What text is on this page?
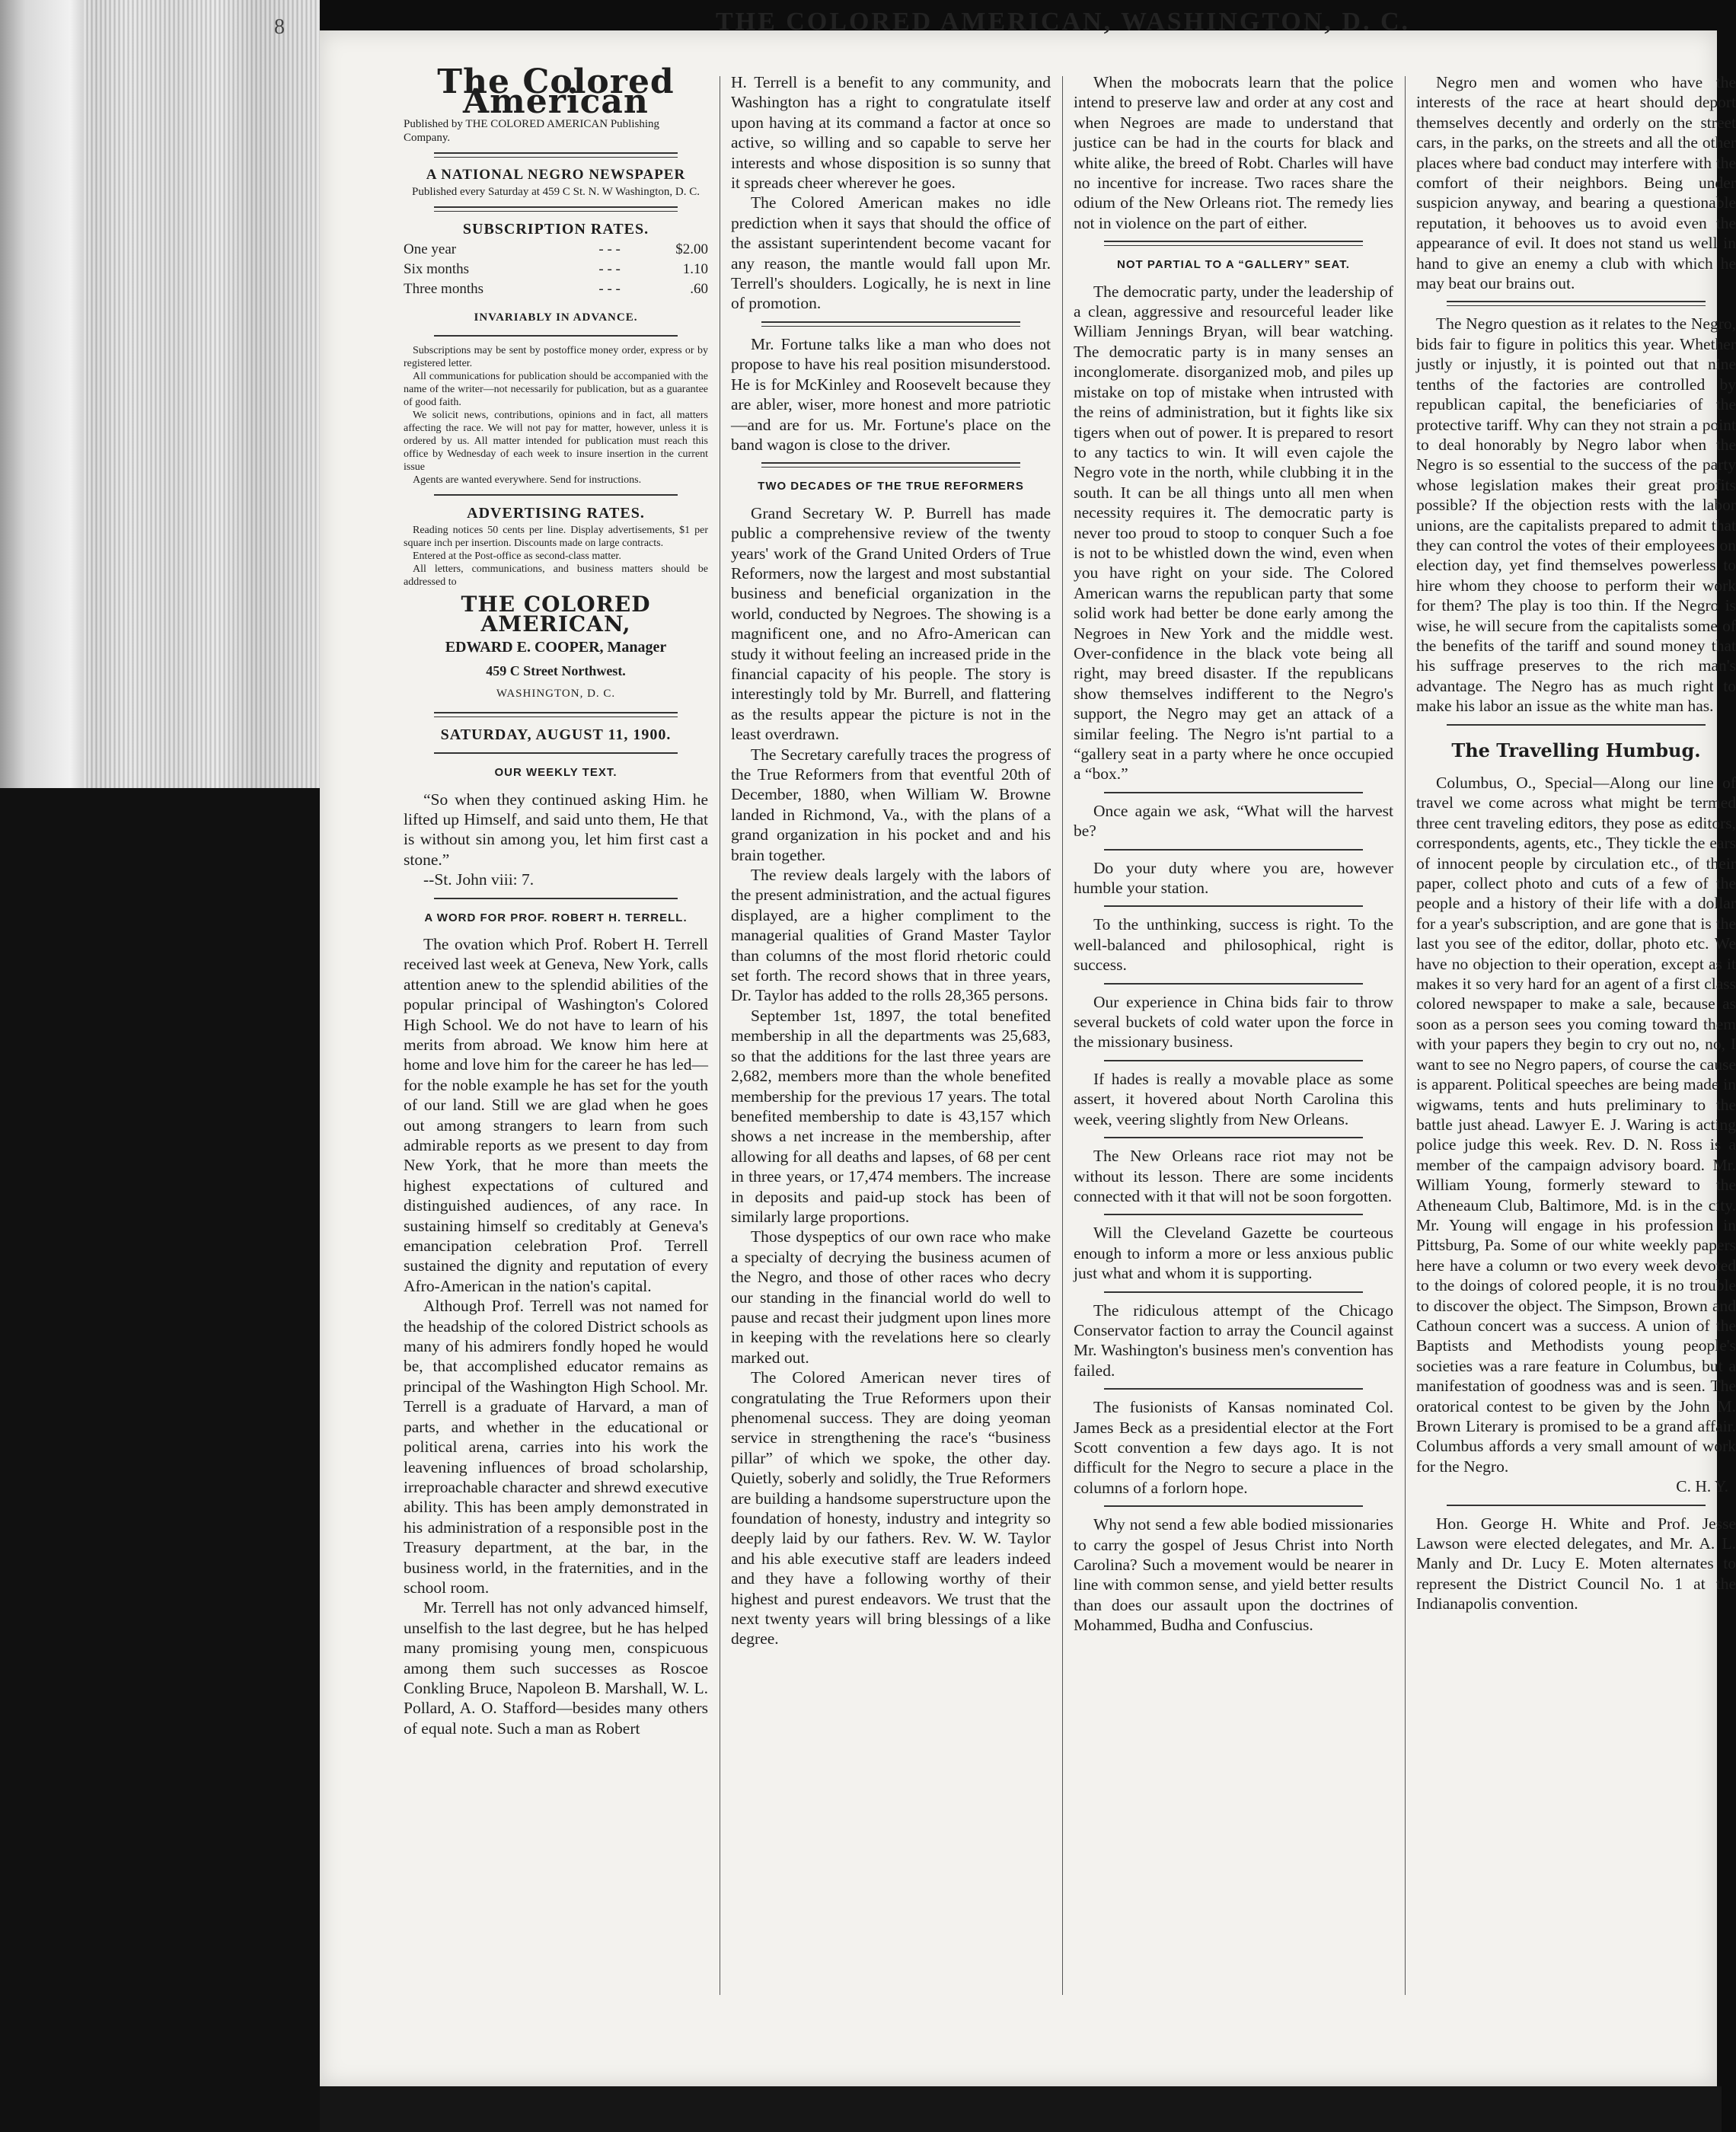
8	THE COLORED AMERICAN, WASHINGTON, D. C.
The Colored American
Published by THE COLORED AMERICAN Publishing Company.
A NATIONAL NEGRO NEWSPAPER
Published every Saturday at 459 C St. N. W Washington, D. C.
SUBSCRIPTION RATES.
One year	- - -	$2.00
Six months	- - -	1.10
Three months	- - -	.60
INVARIABLY IN ADVANCE.

Subscriptions may be sent by postoffice money order, express or by registered letter.

All communications for publication should be accompanied with the name of the writer—not necessarily for publication, but as a guarantee of good faith.

We solicit news, contributions, opinions and in fact, all matters affecting the race. We will not pay for matter, however, unless it is ordered by us. All matter intended for publication must reach this office by Wednesday of each week to insure insertion in the current issue

Agents are wanted everywhere. Send for instructions.

ADVERTISING RATES.

Reading notices 50 cents per line. Display advertisements, $1 per square inch per insertion. Discounts made on large contracts.

Entered at the Post-office as second-class matter.

All letters, communications, and business matters should be addressed to

THE COLORED AMERICAN,
EDWARD E. COOPER, Manager
459 C Street Northwest.
WASHINGTON, D. C.
SATURDAY, AUGUST 11, 1900.
OUR WEEKLY TEXT.

“So when they continued asking Him. he lifted up Himself, and said unto them, He that is without sin among you, let him first cast a stone.”

--St. John viii: 7.

A WORD FOR PROF. ROBERT H. TERRELL.

The ovation which Prof. Robert H. Terrell received last week at Geneva, New York, calls attention anew to the splendid abilities of the popular principal of Washington's Colored High School. We do not have to learn of his merits from abroad. We know him here at home and love him for the career he has led—for the noble example he has set for the youth of our land. Still we are glad when he goes out among strangers to learn from such admirable reports as we present to day from New York, that he more than meets the highest expectations of cultured and distinguished audiences, of any race. In sustaining himself so creditably at Geneva's emancipation celebration Prof. Terrell sustained the dignity and reputation of every Afro-American in the nation's capital.

Although Prof. Terrell was not named for the headship of the colored District schools as many of his admirers fondly hoped he would be, that accomplished educator remains as principal of the Washington High School. Mr. Terrell is a graduate of Harvard, a man of parts, and whether in the educational or political arena, carries into his work the leavening influences of broad scholarship, irreproachable character and shrewd executive ability. This has been amply demonstrated in his administration of a responsible post in the Treasury department, at the bar, in the business world, in the fraternities, and in the school room.

Mr. Terrell has not only advanced himself, unselfish to the last degree, but he has helped many promising young men, conspicuous among them such successes as Roscoe Conkling Bruce, Napoleon B. Marshall, W. L. Pollard, A. O. Stafford—besides many others of equal note. Such a man as Robert

H. Terrell is a benefit to any community, and Washington has a right to congratulate itself upon having at its command a factor at once so active, so willing and so capable to serve her interests and whose disposition is so sunny that it spreads cheer wherever he goes.

The Colored American makes no idle prediction when it says that should the office of the assistant superintendent become vacant for any reason, the mantle would fall upon Mr. Terrell's shoulders. Logically, he is next in line of promotion.

Mr. Fortune talks like a man who does not propose to have his real position misunderstood. He is for McKinley and Roosevelt because they are abler, wiser, more honest and more patriotic—and are for us. Mr. Fortune's place on the band wagon is close to the driver.

TWO DECADES OF THE TRUE REFORMERS

Grand Secretary W. P. Burrell has made public a comprehensive review of the twenty years' work of the Grand United Orders of True Reformers, now the largest and most substantial business and beneficial organization in the world, conducted by Negroes. The showing is a magnificent one, and no Afro-American can study it without feeling an increased pride in the financial capacity of his people. The story is interestingly told by Mr. Burrell, and flattering as the results appear the picture is not in the least overdrawn.

The Secretary carefully traces the progress of the True Reformers from that eventful 20th of December, 1880, when William W. Browne landed in Richmond, Va., with the plans of a grand organization in his pocket and and his brain together.

The review deals largely with the labors of the present administration, and the actual figures displayed, are a higher compliment to the managerial qualities of Grand Master Taylor than columns of the most florid rhetoric could set forth. The record shows that in three years, Dr. Taylor has added to the rolls 28,365 persons.

September 1st, 1897, the total benefited membership in all the departments was 25,683, so that the additions for the last three years are 2,682, members more than the whole benefited membership for the previous 17 years. The total benefited membership to date is 43,157 which shows a net increase in the membership, after allowing for all deaths and lapses, of 68 per cent in three years, or 17,474 members. The increase in deposits and paid-up stock has been of similarly large proportions.

Those dyspeptics of our own race who make a specialty of decrying the business acumen of the Negro, and those of other races who decry our standing in the financial world do well to pause and recast their judgment upon lines more in keeping with the revelations here so clearly marked out.

The Colored American never tires of congratulating the True Reformers upon their phenomenal success. They are doing yeoman service in strengthening the race's “business pillar” of which we spoke, the other day. Quietly, soberly and solidly, the True Reformers are building a handsome superstructure upon the foundation of honesty, industry and integrity so deeply laid by our fathers. Rev. W. W. Taylor and his able executive staff are leaders indeed and they have a following worthy of their highest and purest endeavors. We trust that the next twenty years will bring blessings of a like degree.

When the mobocrats learn that the police intend to preserve law and order at any cost and when Negroes are made to understand that justice can be had in the courts for black and white alike, the breed of Robt. Charles will have no incentive for increase. Two races share the odium of the New Orleans riot. The remedy lies not in violence on the part of either.

NOT PARTIAL TO A “GALLERY” SEAT.

The democratic party, under the leadership of a clean, aggressive and resourceful leader like William Jennings Bryan, will bear watching. The democratic party is in many senses an inconglomerate. disorganized mob, and piles up mistake on top of mistake when intrusted with the reins of administration, but it fights like six tigers when out of power. It is prepared to resort to any tactics to win. It will even cajole the Negro vote in the north, while clubbing it in the south. It can be all things unto all men when necessity requires it. The democratic party is never too proud to stoop to conquer Such a foe is not to be whistled down the wind, even when you have right on your side. The Colored American warns the republican party that some solid work had better be done early among the Negroes in New York and the middle west. Over-confidence in the black vote being all right, may breed disaster. If the republicans show themselves indifferent to the Negro's support, the Negro may get an attack of a similar feeling. The Negro is'nt partial to a “gallery seat in a party where he once occupied a “box.”

Once again we ask, “What will the harvest be?

Do your duty where you are, however humble your station.

To the unthinking, success is right. To the well-balanced and philosophical, right is success.

Our experience in China bids fair to throw several buckets of cold water upon the force in the missionary business.

If hades is really a movable place as some assert, it hovered about North Carolina this week, veering slightly from New Orleans.

The New Orleans race riot may not be without its lesson. There are some incidents connected with it that will not be soon forgotten.

Will the Cleveland Gazette be courteous enough to inform a more or less anxious public just what and whom it is supporting.

The ridiculous attempt of the Chicago Conservator faction to array the Council against Mr. Washington's business men's convention has failed.

The fusionists of Kansas nominated Col. James Beck as a presidential elector at the Fort Scott convention a few days ago. It is not difficult for the Negro to secure a place in the columns of a forlorn hope.

Why not send a few able bodied missionaries to carry the gospel of Jesus Christ into North Carolina? Such a movement would be nearer in line with common sense, and yield better results than does our assault upon the doctrines of Mohammed, Budha and Confuscius.

Negro men and women who have the interests of the race at heart should deport themselves decently and orderly on the street cars, in the parks, on the streets and all the other places where bad conduct may interfere with the comfort of their neighbors. Being under suspicion anyway, and bearing a questionable reputation, it behooves us to avoid even the appearance of evil. It does not stand us well in hand to give an enemy a club with which he may beat our brains out.

The Negro question as it relates to the Negro, bids fair to figure in politics this year. Whether justly or injustly, it is pointed out that nine tenths of the factories are controlled by republican capital, the beneficiaries of the protective tariff. Why can they not strain a point to deal honorably by Negro labor when the Negro is so essential to the success of the party whose legislation makes their great profits possible? If the objection rests with the labor unions, are the capitalists prepared to admit that they can control the votes of their employees on election day, yet find themselves powerless to hire whom they choose to perform their work for them? The play is too thin. If the Negro is wise, he will secure from the capitalists some of the benefits of the tariff and sound money that his suffrage preserves to the rich man's advantage. The Negro has as much right to make his labor an issue as the white man has.

The Travelling Humbug.

Columbus, O., Special—Along our line of travel we come across what might be termed three cent traveling editors, they pose as editors, correspondents, agents, etc., They tickle the ears of innocent people by circulation etc., of their paper, collect photo and cuts of a few of the people and a history of their life with a dollar for a year's subscription, and are gone that is the last you see of the editor, dollar, photo etc. We have no objection to their operation, except as it makes it so very hard for an agent of a first class colored newspaper to make a sale, because as soon as a person sees you coming toward them with your papers they begin to cry out no, no, I want to see no Negro papers, of course the cause is apparent. Political speeches are being made in wigwams, tents and huts preliminary to the battle just ahead. Lawyer E. J. Waring is acting police judge this week. Rev. D. N. Ross is a member of the campaign advisory board. Mr. William Young, formerly steward to the Atheneaum Club, Baltimore, Md. is in the city. Mr. Young will engage in his profession in Pittsburg, Pa. Some of our white weekly papers here have a column or two every week devoted to the doings of colored people, it is no trouble to discover the object. The Simpson, Brown and Cathoun concert was a success. A union of the Baptists and Methodists young people's societies was a rare feature in Columbus, but a manifestation of goodness was and is seen. The oratorical contest to be given by the John M. Brown Literary is promised to be a grand affair. Columbus affords a very small amount of work for the Negro.

C. H. Y.

Hon. George H. White and Prof. Jesse Lawson were elected delegates, and Mr. A. L. Manly and Dr. Lucy E. Moten alternates to represent the District Council No. 1 at the Indianapolis convention.
